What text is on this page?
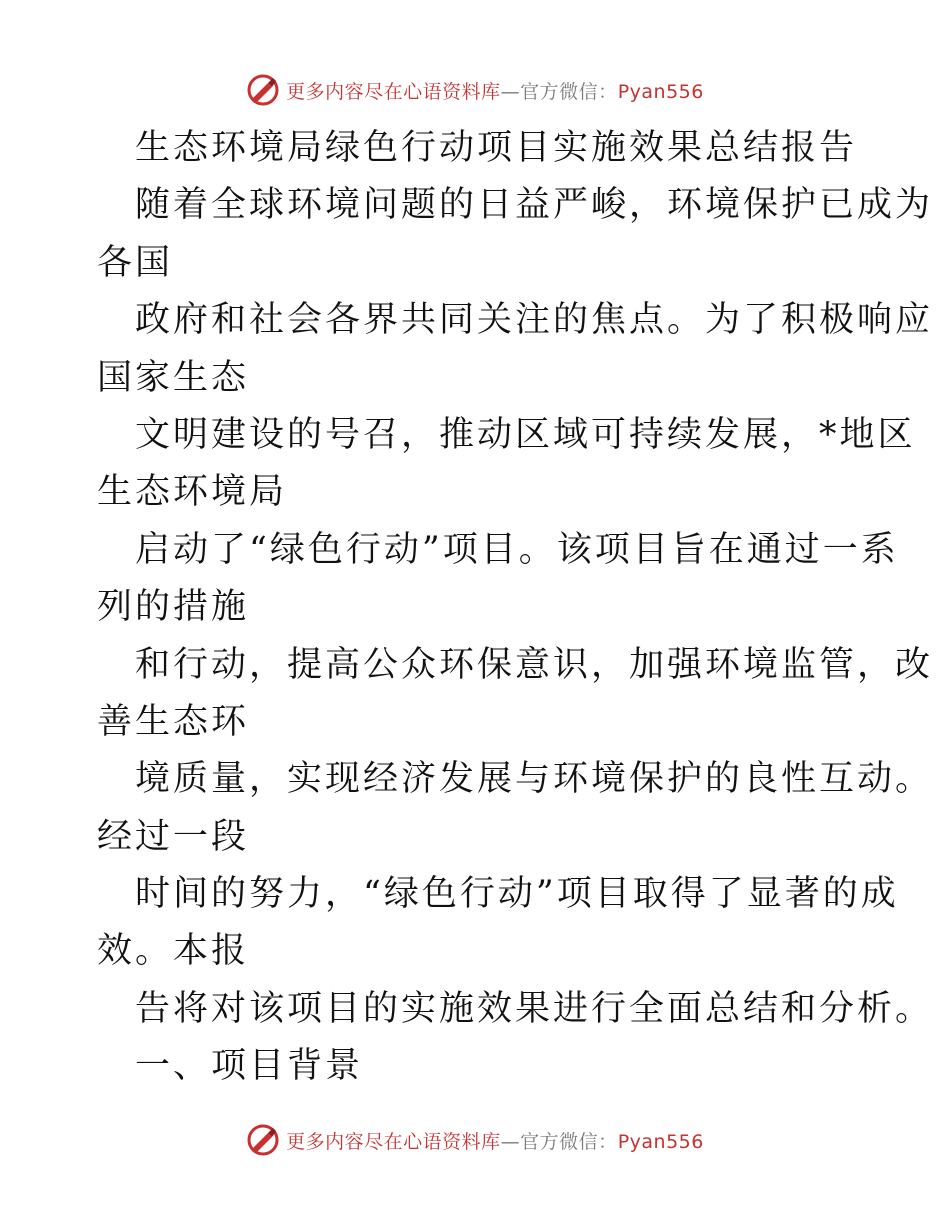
更多内容尽在心语资料库—官方微信：Pyan556
生态环境局绿色行动项目实施效果总结报告
随着全球环境问题的日益严峻，环境保护已成为
各国
政府和社会各界共同关注的焦点。为了积极响应
国家生态
文明建设的号召，推动区域可持续发展，*地区
生态环境局
启动了“绿色行动”项目。该项目旨在通过一系
列的措施
和行动，提高公众环保意识，加强环境监管，改
善生态环
境质量，实现经济发展与环境保护的良性互动。
经过一段
时间的努力，“绿色行动”项目取得了显著的成
效。本报
告将对该项目的实施效果进行全面总结和分析。
一、项目背景
更多内容尽在心语资料库—官方微信：Pyan556
